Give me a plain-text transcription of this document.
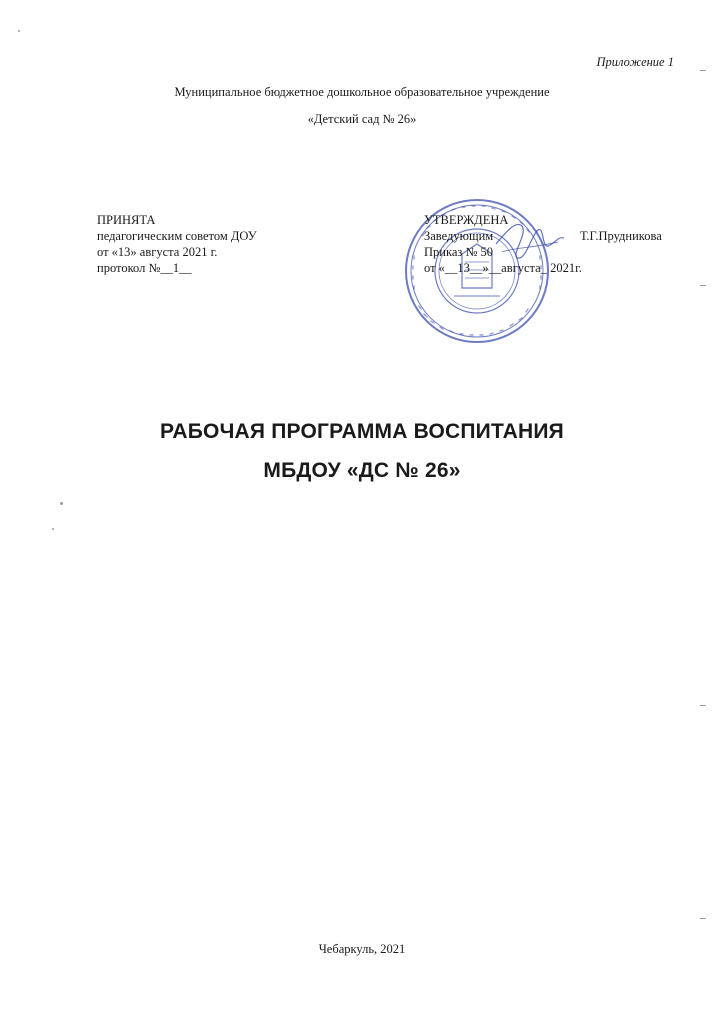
Приложение 1
Муниципальное бюджетное дошкольное образовательное учреждение
«Детский сад № 26»
ПРИНЯТА
педагогическим советом ДОУ
от «13» августа 2021 г.
протокол №__1__
УТВЕРЖДЕНА
Заведующим	Т.Г.Прудникова
Приказ № 50
от «__13__»__августа_ 2021г.
РАБОЧАЯ ПРОГРАММА ВОСПИТАНИЯ
МБДОУ «ДС № 26»
Чебаркуль, 2021
